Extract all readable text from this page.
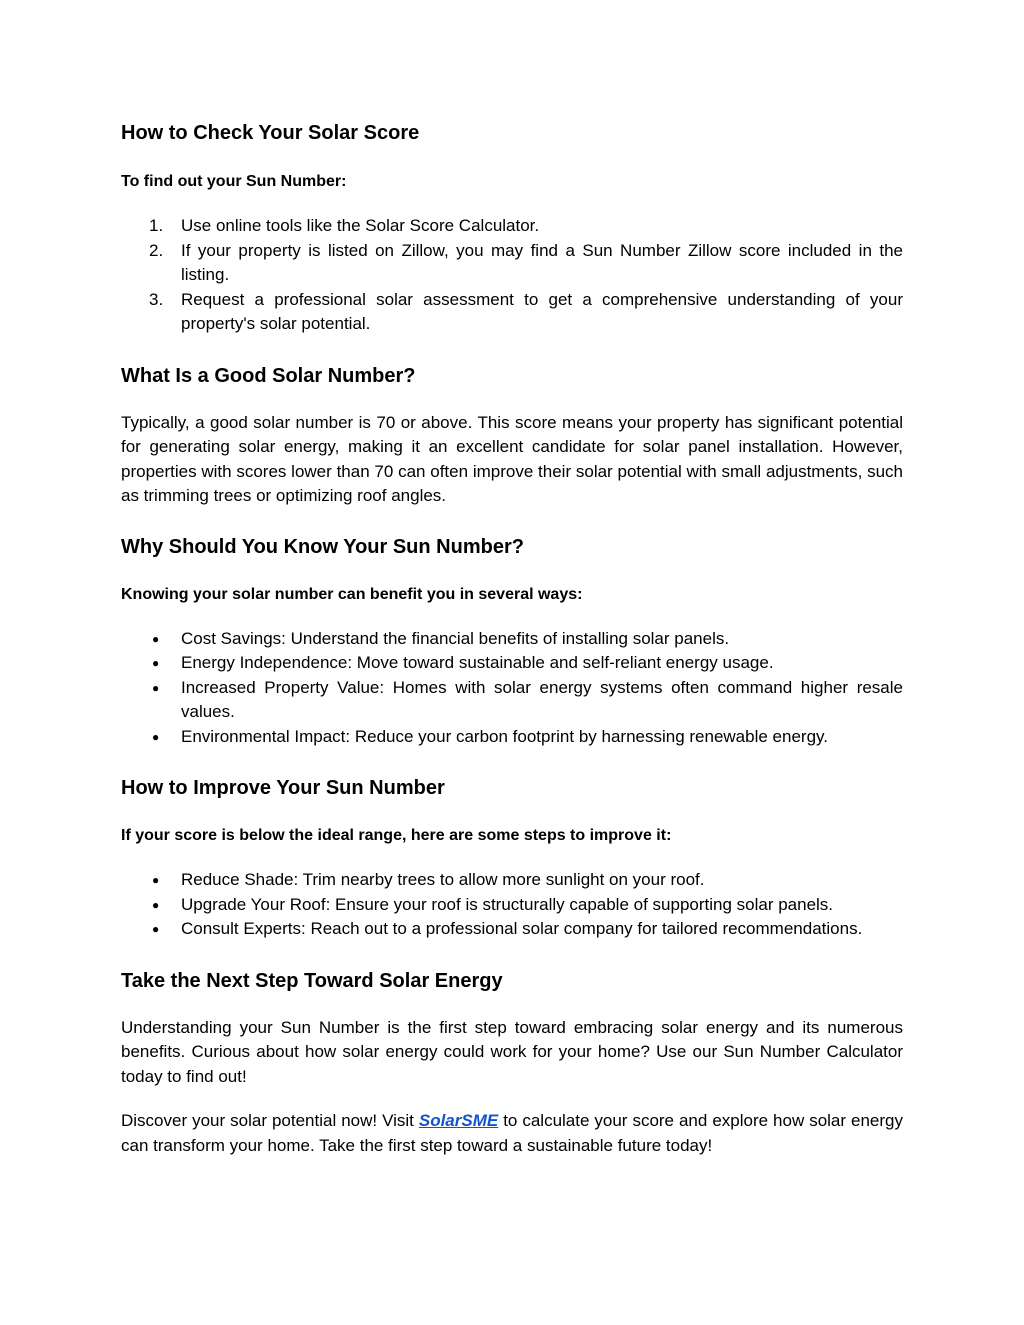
How to Check Your Solar Score

To find out your Sun Number:

1. Use online tools like the Solar Score Calculator.
2. If your property is listed on Zillow, you may find a Sun Number Zillow score included in the listing.
3. Request a professional solar assessment to get a comprehensive understanding of your property's solar potential.
What Is a Good Solar Number?

Typically, a good solar number is 70 or above. This score means your property has significant potential for generating solar energy, making it an excellent candidate for solar panel installation. However, properties with scores lower than 70 can often improve their solar potential with small adjustments, such as trimming trees or optimizing roof angles.

Why Should You Know Your Sun Number?

Knowing your solar number can benefit you in several ways:

● Cost Savings: Understand the financial benefits of installing solar panels.
● Energy Independence: Move toward sustainable and self-reliant energy usage.
● Increased Property Value: Homes with solar energy systems often command higher resale values.
● Environmental Impact: Reduce your carbon footprint by harnessing renewable energy.
How to Improve Your Sun Number

If your score is below the ideal range, here are some steps to improve it:

● Reduce Shade: Trim nearby trees to allow more sunlight on your roof.
● Upgrade Your Roof: Ensure your roof is structurally capable of supporting solar panels.
● Consult Experts: Reach out to a professional solar company for tailored recommendations.
Take the Next Step Toward Solar Energy

Understanding your Sun Number is the first step toward embracing solar energy and its numerous benefits. Curious about how solar energy could work for your home? Use our Sun Number Calculator today to find out!

Discover your solar potential now! Visit SolarSME to calculate your score and explore how solar energy can transform your home. Take the first step toward a sustainable future today!
